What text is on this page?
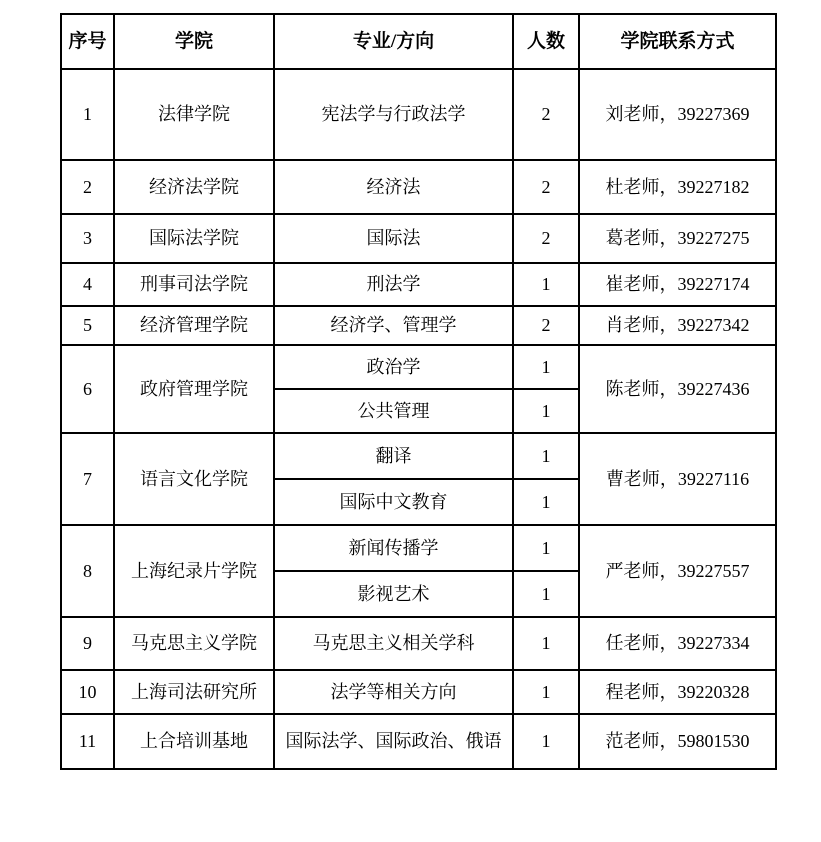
序号	学院	专业/方向	人数	学院联系方式
1	法律学院	宪法学与行政法学	2	刘老师，39227369
2	经济法学院	经济法	2	杜老师，39227182
3	国际法学院	国际法	2	葛老师，39227275
4	刑事司法学院	刑法学	1	崔老师，39227174
5	经济管理学院	经济学、管理学	2	肖老师，39227342
6	政府管理学院	政治学	1	陈老师，39227436
		公共管理	1	
7	语言文化学院	翻译	1	曹老师，39227116
		国际中文教育	1	
8	上海纪录片学院	新闻传播学	1	严老师，39227557
		影视艺术	1	
9	马克思主义学院	马克思主义相关学科	1	任老师，39227334
10	上海司法研究所	法学等相关方向	1	程老师，39220328
11	上合培训基地	国际法学、国际政治、俄语	1	范老师，59801530
